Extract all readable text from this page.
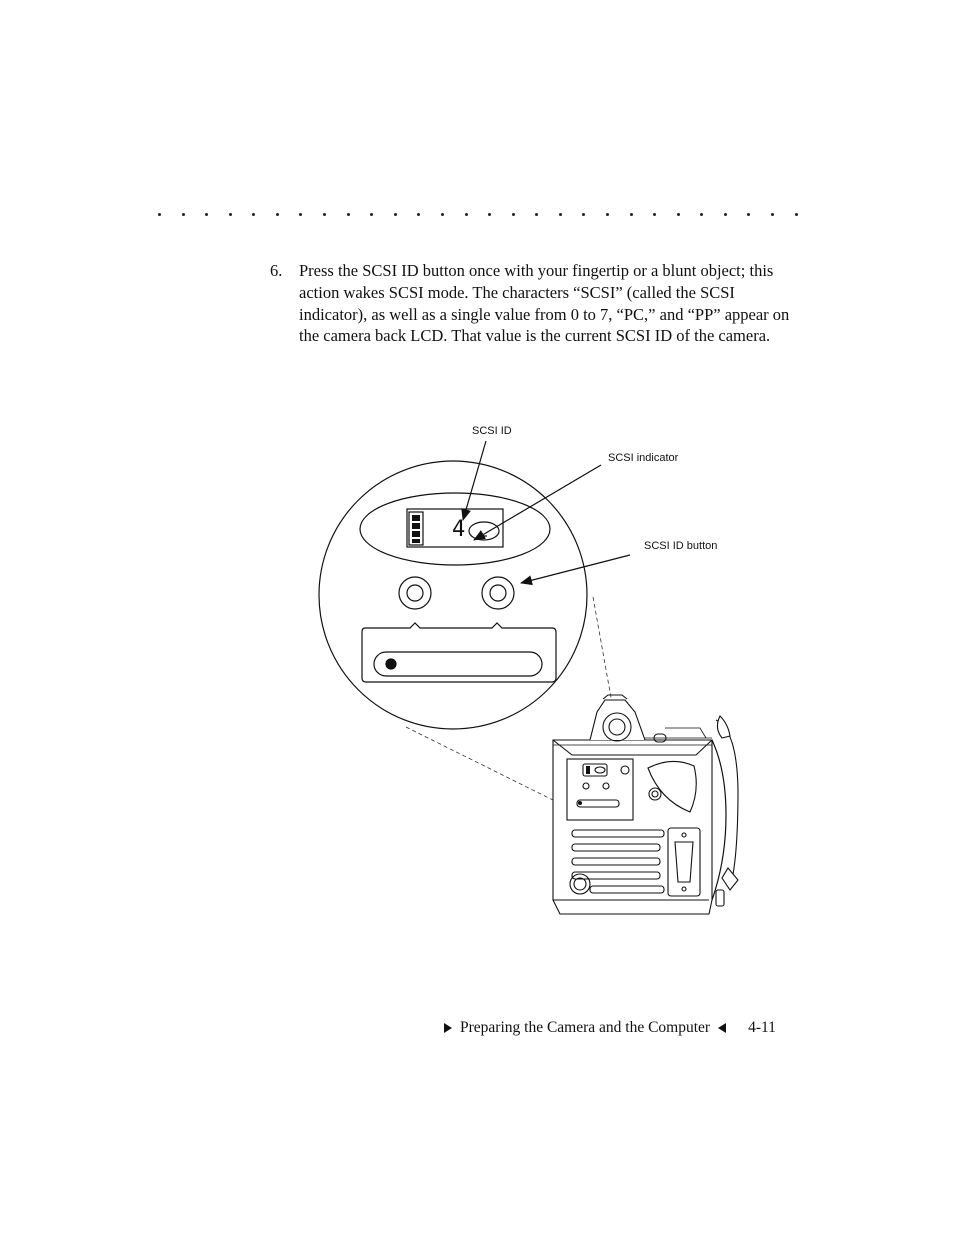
6. Press the SCSI ID button once with your fingertip or a blunt object; this action wakes SCSI mode. The characters “SCSI” (called the SCSI indicator), as well as a single value from 0 to 7, “PC,” and “PP” appear on the camera back LCD. That value is the current SCSI ID of the camera.
SCSI ID
SCSI indicator
SCSI ID button
4
Preparing the Camera and the Computer 4-11
